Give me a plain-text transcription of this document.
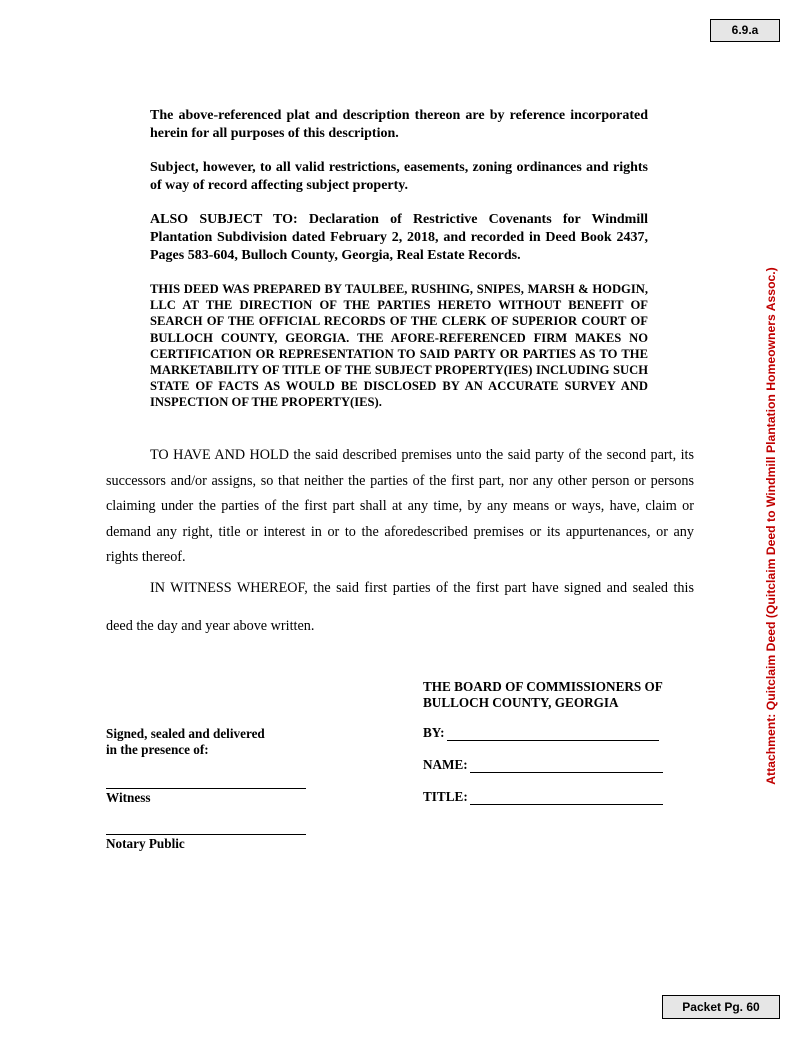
6.9.a
Attachment: Quitclaim Deed (Quitclaim Deed to Windmill Plantation Homeowners Assoc.)
The above-referenced plat and description thereon are by reference incorporated herein for all purposes of this description.
Subject, however, to all valid restrictions, easements, zoning ordinances and rights of way of record affecting subject property.
ALSO SUBJECT TO: Declaration of Restrictive Covenants for Windmill Plantation Subdivision dated February 2, 2018, and recorded in Deed Book 2437, Pages 583-604, Bulloch County, Georgia, Real Estate Records.
THIS DEED WAS PREPARED BY TAULBEE, RUSHING, SNIPES, MARSH & HODGIN, LLC AT THE DIRECTION OF THE PARTIES HERETO WITHOUT BENEFIT OF SEARCH OF THE OFFICIAL RECORDS OF THE CLERK OF SUPERIOR COURT OF BULLOCH COUNTY, GEORGIA. THE AFORE-REFERENCED FIRM MAKES NO CERTIFICATION OR REPRESENTATION TO SAID PARTY OR PARTIES AS TO THE MARKETABILITY OF TITLE OF THE SUBJECT PROPERTY(IES) INCLUDING SUCH STATE OF FACTS AS WOULD BE DISCLOSED BY AN ACCURATE SURVEY AND INSPECTION OF THE PROPERTY(IES).
TO HAVE AND HOLD the said described premises unto the said party of the second part, its successors and/or assigns, so that neither the parties of the first part, nor any other person or persons claiming under the parties of the first part shall at any time, by any means or ways, have, claim or demand any right, title or interest in or to the aforedescribed premises or its appurtenances, or any rights thereof.
IN WITNESS WHEREOF, the said first parties of the first part have signed and sealed this deed the day and year above written.
THE BOARD OF COMMISSIONERS OF
BULLOCH COUNTY, GEORGIA
Signed, sealed and delivered
in the presence of:
BY:
NAME:
TITLE:
Witness
Notary Public
Packet Pg. 60
